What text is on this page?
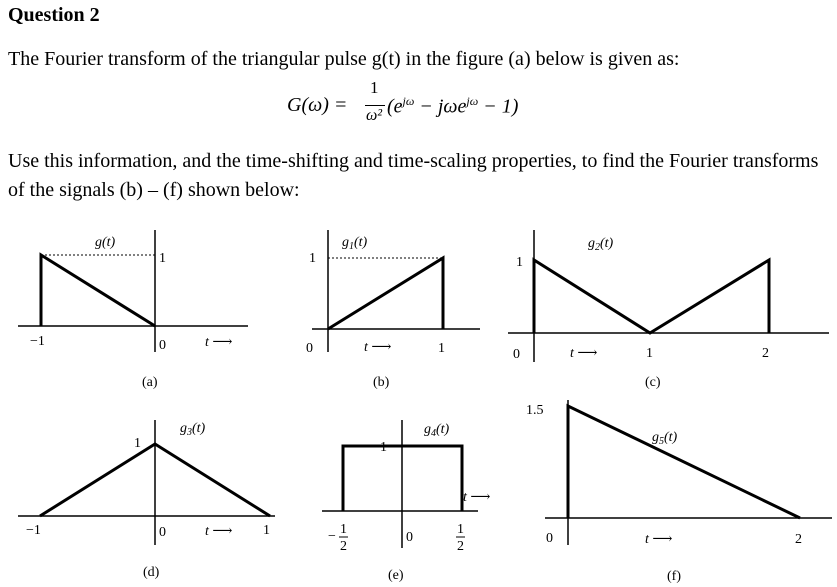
Question 2

The Fourier transform of the triangular pulse g(t) in the figure (a) below is given as:

G(ω) =
1
ω² $(e^{j\omega} - j\omega e^{j\omega} - 1)$

Use this information, and the time-shifting and time-scaling properties, to find the Fourier transforms of the signals (b) – (f) shown below:

g(t)
1
−1	0	t ⟶
(a)
$g_1(t)$
1
0	1
t ⟶
(b)
$g_2(t)$
1
0	1	2
t ⟶
(c)
$g_3(t)$
1
−1	0	1
t ⟶
(d)
$g_4(t)$
1
t ⟶
− 1
2
0
1
2
(e)
$g_5(t)$
1.5
0	2
t ⟶
(f)
